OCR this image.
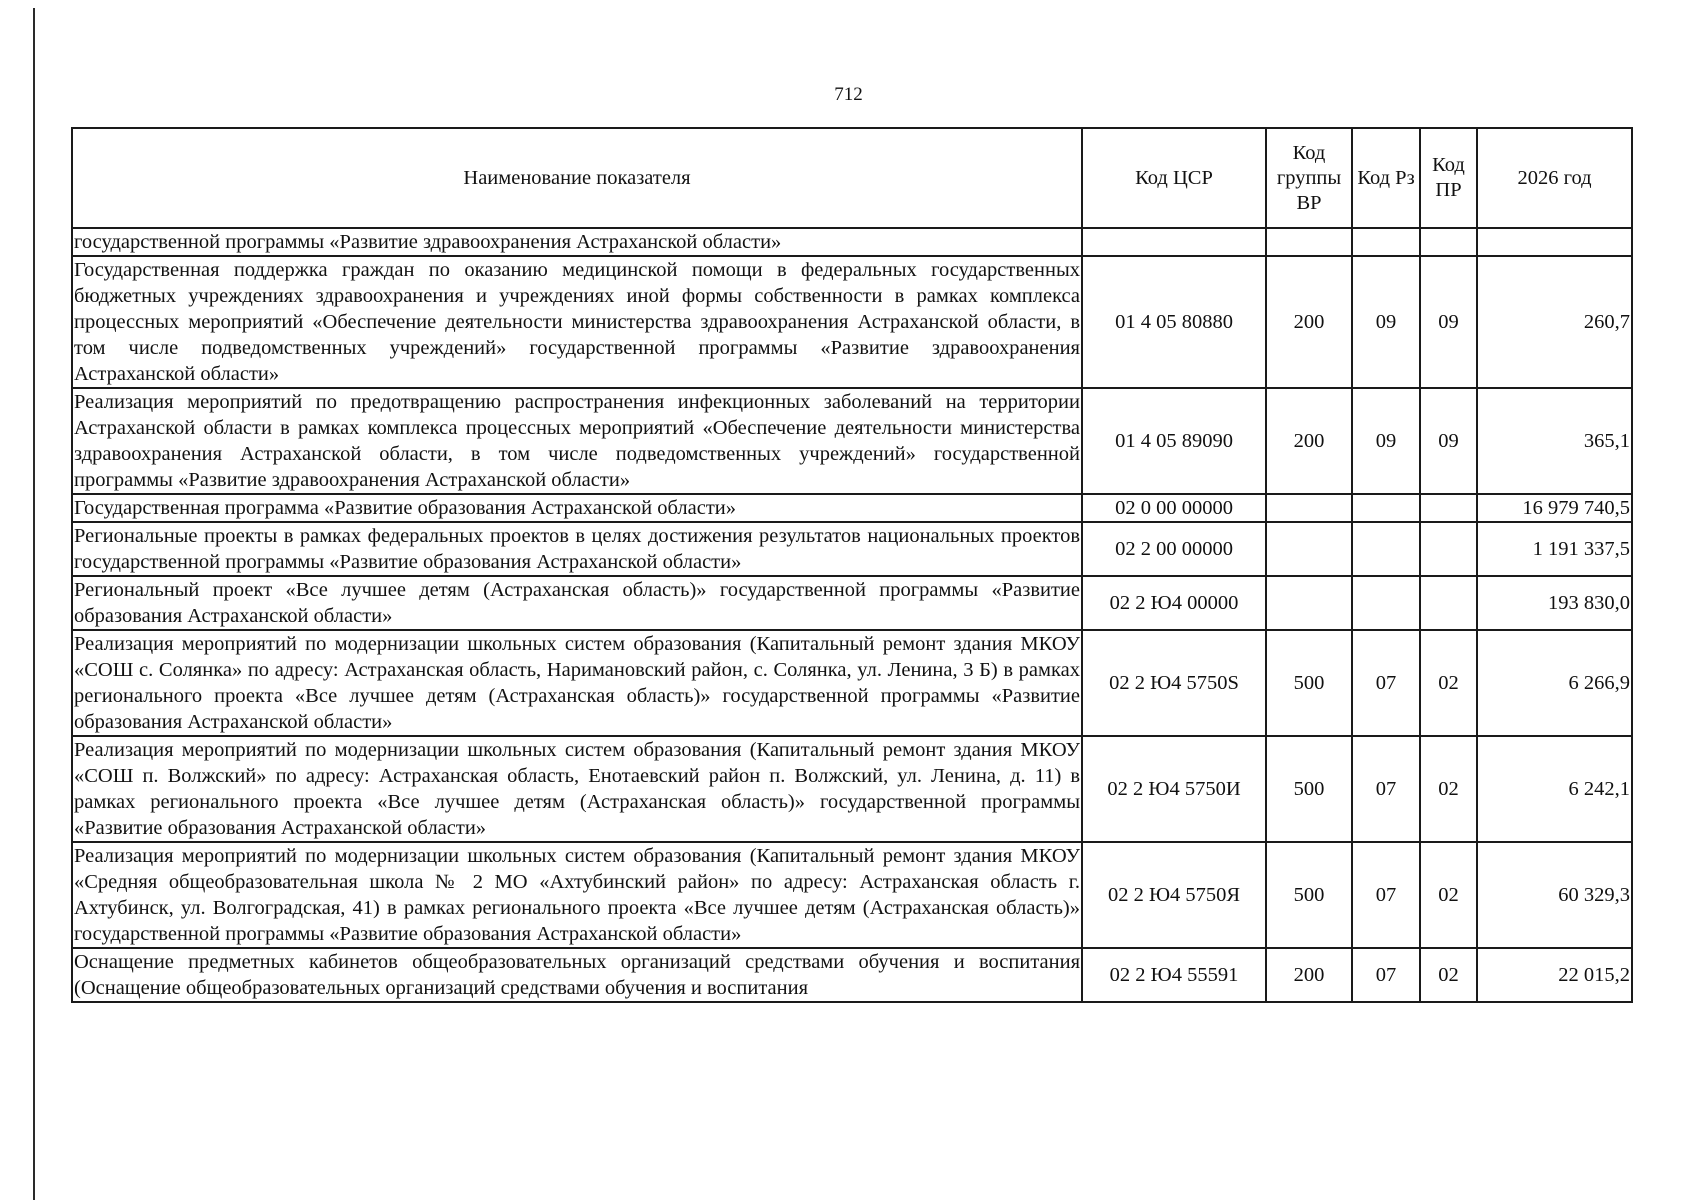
712
Наименование показателя	Код ЦСР	Код группы ВР	Код Рз	Код ПР	2026 год
государственной программы «Развитие здравоохранения Астраханской области»					
Государственная поддержка граждан по оказанию медицинской помощи в федеральных государственных бюджетных учреждениях здравоохранения и учреждениях иной формы собственности в рамках комплекса процессных мероприятий «Обеспечение деятельности министерства здравоохранения Астраханской области, в том числе подведомственных учреждений» государственной программы «Развитие здравоохранения Астраханской области»	01 4 05 80880	200	09	09	260,7
Реализация мероприятий по предотвращению распространения инфекционных заболеваний на территории Астраханской области в рамках комплекса процессных мероприятий «Обеспечение деятельности министерства здравоохранения Астраханской области, в том числе подведомственных учреждений» государственной программы «Развитие здравоохранения Астраханской области»	01 4 05 89090	200	09	09	365,1
Государственная программа «Развитие образования Астраханской области»	02 0 00 00000				16 979 740,5
Региональные проекты в рамках федеральных проектов в целях достижения результатов национальных проектов государственной программы «Развитие образования Астраханской области»	02 2 00 00000				1 191 337,5
Региональный проект «Все лучшее детям (Астраханская область)» государственной программы «Развитие образования Астраханской области»	02 2 Ю4 00000				193 830,0
Реализация мероприятий по модернизации школьных систем образования (Капитальный ремонт здания МКОУ «СОШ с. Солянка» по адресу: Астраханская область, Наримановский район, с. Солянка, ул. Ленина, 3 Б) в рамках регионального проекта «Все лучшее детям (Астраханская область)» государственной программы «Развитие образования Астраханской области»	02 2 Ю4 5750S	500	07	02	6 266,9
Реализация мероприятий по модернизации школьных систем образования (Капитальный ремонт здания МКОУ «СОШ п. Волжский» по адресу: Астраханская область, Енотаевский район п. Волжский, ул. Ленина, д. 11) в рамках регионального проекта «Все лучшее детям (Астраханская область)» государственной программы «Развитие образования Астраханской области»	02 2 Ю4 5750И	500	07	02	6 242,1
Реализация мероприятий по модернизации школьных систем образования (Капитальный ремонт здания МКОУ «Средняя общеобразовательная школа № 2 МО «Ахтубинский район» по адресу: Астраханская область г. Ахтубинск, ул. Волгоградская, 41) в рамках регионального проекта «Все лучшее детям (Астраханская область)» государственной программы «Развитие образования Астраханской области»	02 2 Ю4 5750Я	500	07	02	60 329,3
Оснащение предметных кабинетов общеобразовательных организаций средствами обучения и воспитания (Оснащение общеобразовательных организаций средствами обучения и воспитания	02 2 Ю4 55591	200	07	02	22 015,2
